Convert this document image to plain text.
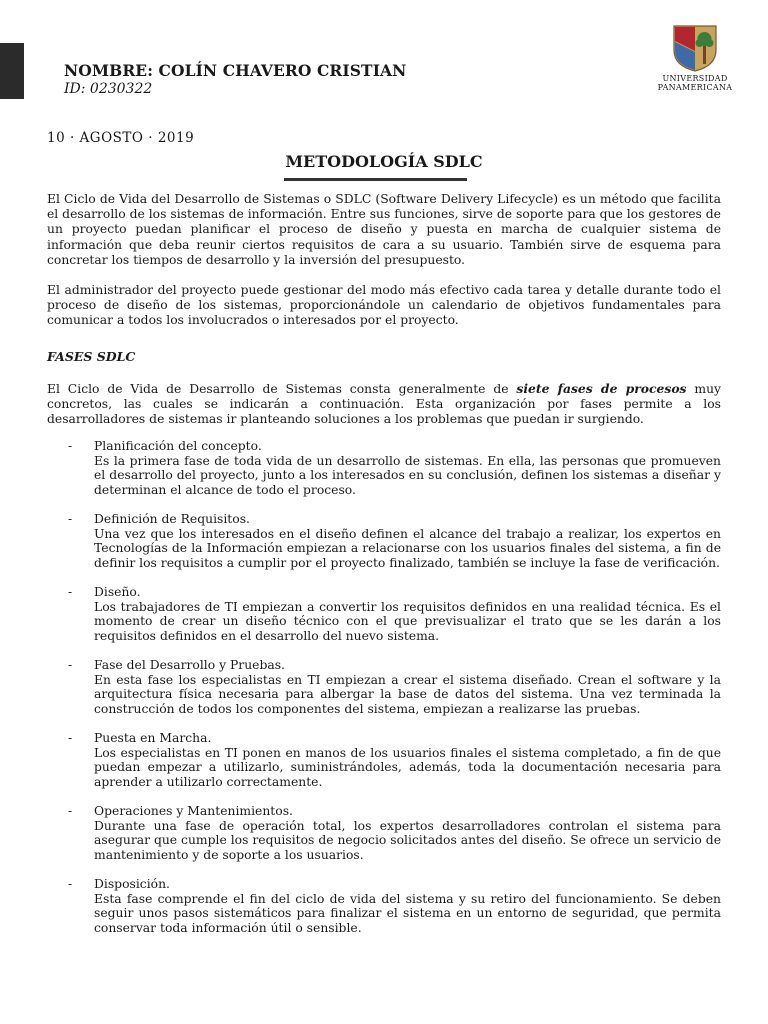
NOMBRE: COLÍN CHAVERO CRISTIAN

ID: 0230322

UNIVERSIDAD
PANAMERICANA
10 · AGOSTO · 2019
METODOLOGÍA SDLC

El Ciclo de Vida del Desarrollo de Sistemas o SDLC (Software Delivery Lifecycle) es un método que facilita el desarrollo de los sistemas de información. Entre sus funciones, sirve de soporte para que los gestores de un proyecto puedan planificar el proceso de diseño y puesta en marcha de cualquier sistema de información que deba reunir ciertos requisitos de cara a su usuario. También sirve de esquema para concretar los tiempos de desarrollo y la inversión del presupuesto.

El administrador del proyecto puede gestionar del modo más efectivo cada tarea y detalle durante todo el proceso de diseño de los sistemas, proporcionándole un calendario de objetivos fundamentales para comunicar a todos los involucrados o interesados por el proyecto.

FASES SDLC

El Ciclo de Vida de Desarrollo de Sistemas consta generalmente de siete fases de procesos muy concretos, las cuales se indicarán a continuación. Esta organización por fases permite a los desarrolladores de sistemas ir planteando soluciones a los problemas que puedan ir surgiendo.

- Planificación del concepto.

Es la primera fase de toda vida de un desarrollo de sistemas. En ella, las personas que promueven el desarrollo del proyecto, junto a los interesados en su conclusión, definen los sistemas a diseñar y determinan el alcance de todo el proceso.

- Definición de Requisitos.

Una vez que los interesados en el diseño definen el alcance del trabajo a realizar, los expertos en Tecnologías de la Información empiezan a relacionarse con los usuarios finales del sistema, a fin de definir los requisitos a cumplir por el proyecto finalizado, también se incluye la fase de verificación.

- Diseño.

Los trabajadores de TI empiezan a convertir los requisitos definidos en una realidad técnica. Es el momento de crear un diseño técnico con el que previsualizar el trato que se les darán a los requisitos definidos en el desarrollo del nuevo sistema.

- Fase del Desarrollo y Pruebas.

En esta fase los especialistas en TI empiezan a crear el sistema diseñado. Crean el software y la arquitectura física necesaria para albergar la base de datos del sistema. Una vez terminada la construcción de todos los componentes del sistema, empiezan a realizarse las pruebas.

- Puesta en Marcha.

Los especialistas en TI ponen en manos de los usuarios finales el sistema completado, a fin de que puedan empezar a utilizarlo, suministrándoles, además, toda la documentación necesaria para aprender a utilizarlo correctamente.

- Operaciones y Mantenimientos.

Durante una fase de operación total, los expertos desarrolladores controlan el sistema para asegurar que cumple los requisitos de negocio solicitados antes del diseño. Se ofrece un servicio de mantenimiento y de soporte a los usuarios.

- Disposición.

Esta fase comprende el fin del ciclo de vida del sistema y su retiro del funcionamiento. Se deben seguir unos pasos sistemáticos para finalizar el sistema en un entorno de seguridad, que permita conservar toda información útil o sensible.
